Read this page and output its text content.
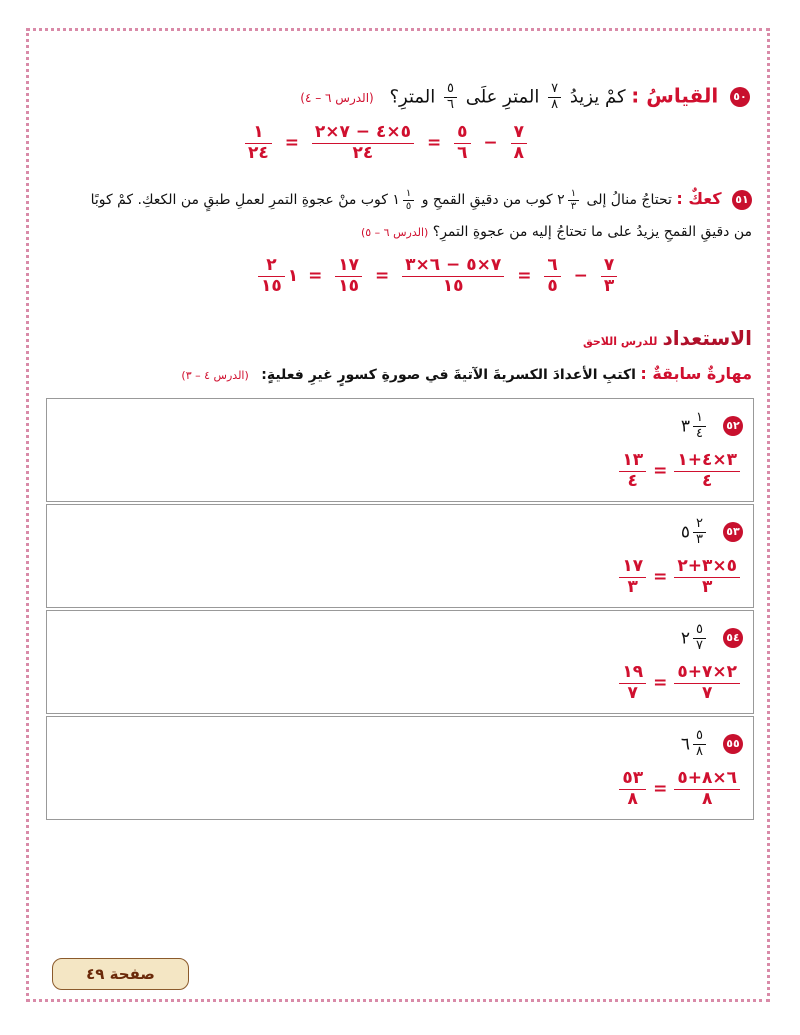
٥٠ القياسُ : كمْ يزيدُ
$\frac{٧}{٨}$
المترِ علَى
$\frac{٥}{٦}$
المترِ؟ (الدرس ٦ – ٤)
$\frac{٧}{٨}$
−
$\frac{٥}{٦}$
=
$\frac{٥\times ٤ - ٧\times ٢}{٢٤}$
=
$\frac{١}{٢٤}$
٥١ كعكٌ : تحتاجُ منالُ إلى ٢ $\frac{١}{٣}$
كوب من دقيقِ القمحِ و ١ $\frac{١}{٥}$
كوب منْ عجوةِ التمرِ لعملِ طبقٍ من الكعكِ. كمْ كوبًا
من دقيقِ القمحِ يزيدُ على ما تحتاجُ إليه من عجوةِ التمرِ؟ (الدرس ٦ – ٥)
$\frac{٧}{٣}$
−
$\frac{٦}{٥}$
=
$\frac{٧\times ٥ - ٦\times ٣}{١٥}$
=
$\frac{١٧}{١٥}$
=
$\frac{٢}{١٥}$ ١
الاستعداد للدرس اللاحق
مهارةٌ سابقةٌ : اكتبِ الأعدادَ الكسريةَ الآتيةَ في صورةِ كسورٍ غيرِ فعليةٍ: (الدرس ٤ – ٣)
٥٢٣ $\frac{١}{٤}$
$\frac{٣\times ٤+١}{٤}$
=
$\frac{١٣}{٤}$
٥٣٥ $\frac{٢}{٣}$
$\frac{٥\times ٣+٢}{٣}$
=
$\frac{١٧}{٣}$
٥٤٢ $\frac{٥}{٧}$
$\frac{٢\times ٧+٥}{٧}$
=
$\frac{١٩}{٧}$
٥٥٦ $\frac{٥}{٨}$
$\frac{٦\times ٨+٥}{٨}$
=
$\frac{٥٣}{٨}$
صفحة ٤٩
